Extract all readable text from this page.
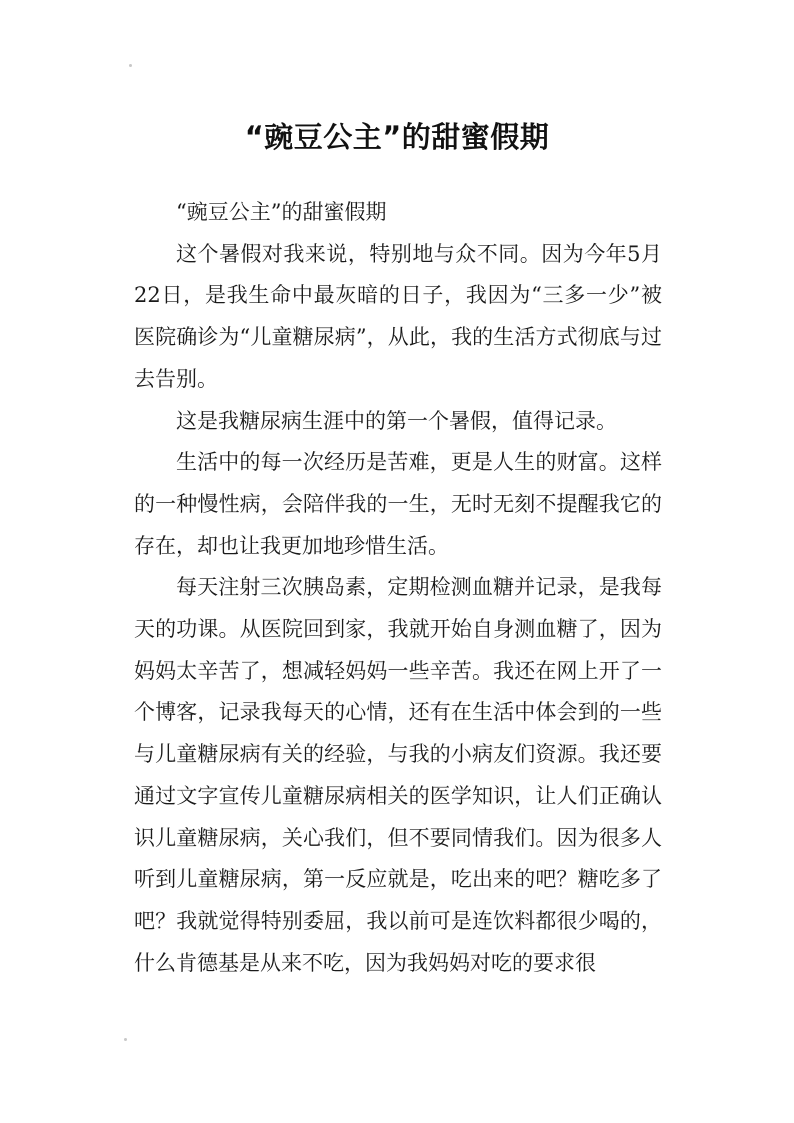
“豌豆公主”的甜蜜假期

“豌豆公主”的甜蜜假期

这个暑假对我来说，特别地与众不同。因为今年5月22日，是我生命中最灰暗的日子，我因为“三多一少”被医院确诊为“儿童糖尿病”，从此，我的生活方式彻底与过去告别。

这是我糖尿病生涯中的第一个暑假，值得记录。

生活中的每一次经历是苦难，更是人生的财富。这样的一种慢性病，会陪伴我的一生，无时无刻不提醒我它的存在，却也让我更加地珍惜生活。

每天注射三次胰岛素，定期检测血糖并记录，是我每天的功课。从医院回到家，我就开始自身测血糖了，因为妈妈太辛苦了，想减轻妈妈一些辛苦。我还在网上开了一个博客，记录我每天的心情，还有在生活中体会到的一些与儿童糖尿病有关的经验，与我的小病友们资源。我还要通过文字宣传儿童糖尿病相关的医学知识，让人们正确认识儿童糖尿病，关心我们，但不要同情我们。因为很多人听到儿童糖尿病，第一反应就是，吃出来的吧？糖吃多了吧？我就觉得特别委屈，我以前可是连饮料都很少喝的，什么肯德基是从来不吃，因为我妈妈对吃的要求很
